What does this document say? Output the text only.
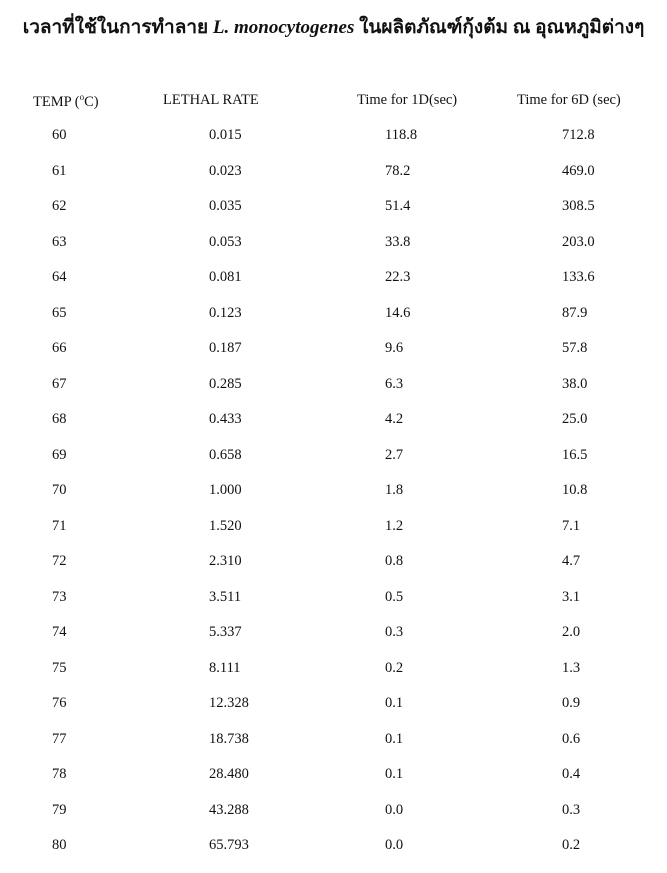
เวลาที่ใช้ในการทำลาย L. monocytogenes ในผลิตภัณฑ์กุ้งต้ม ณ อุณหภูมิต่างๆ
TEMP ($^o$C)	LETHAL RATE	Time for 1D(sec)	Time for 6D (sec)
60	0.015	118.8	712.8
61	0.023	78.2	469.0
62	0.035	51.4	308.5
63	0.053	33.8	203.0
64	0.081	22.3	133.6
65	0.123	14.6	87.9
66	0.187	9.6	57.8
67	0.285	6.3	38.0
68	0.433	4.2	25.0
69	0.658	2.7	16.5
70	1.000	1.8	10.8
71	1.520	1.2	7.1
72	2.310	0.8	4.7
73	3.511	0.5	3.1
74	5.337	0.3	2.0
75	8.111	0.2	1.3
76	12.328	0.1	0.9
77	18.738	0.1	0.6
78	28.480	0.1	0.4
79	43.288	0.0	0.3
80	65.793	0.0	0.2
